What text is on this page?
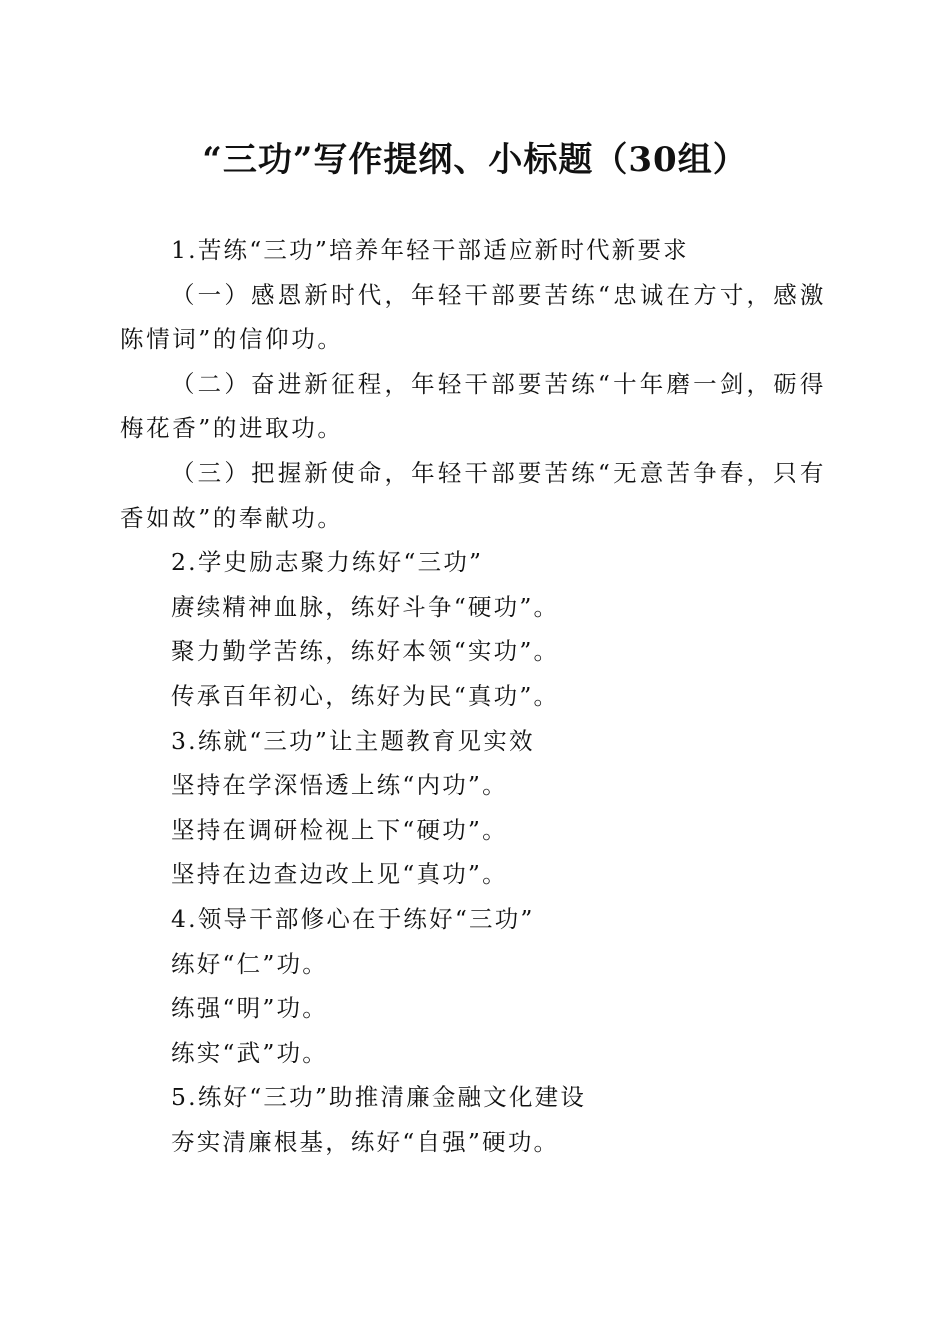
“三功”写作提纲、小标题（30组）

1.苦练“三功”培养年轻干部适应新时代新要求

（一）感恩新时代，年轻干部要苦练“忠诚在方寸，感激陈情词”的信仰功。

（二）奋进新征程，年轻干部要苦练“十年磨一剑，砺得梅花香”的进取功。

（三）把握新使命，年轻干部要苦练“无意苦争春，只有香如故”的奉献功。

2.学史励志聚力练好“三功”

赓续精神血脉，练好斗争“硬功”。

聚力勤学苦练，练好本领“实功”。

传承百年初心，练好为民“真功”。

3.练就“三功”让主题教育见实效

坚持在学深悟透上练“内功”。

坚持在调研检视上下“硬功”。

坚持在边查边改上见“真功”。

4.领导干部修心在于练好“三功”

练好“仁”功。

练强“明”功。

练实“武”功。

5.练好“三功”助推清廉金融文化建设

夯实清廉根基，练好“自强”硬功。
